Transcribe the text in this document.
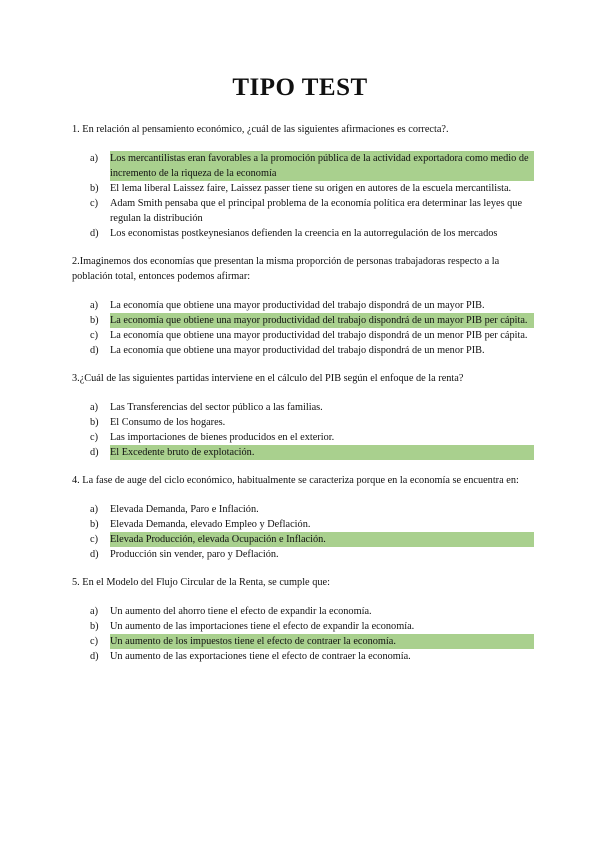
TIPO TEST

1. En relación al pensamiento económico, ¿cuál de las siguientes afirmaciones es correcta?.

a)	Los mercantilistas eran favorables a la promoción pública de la actividad exportadora como medio de incremento de la riqueza de la economía
b)	El lema liberal Laissez faire, Laissez passer tiene su origen en autores de la escuela mercantilista.
c)	Adam Smith pensaba que el principal problema de la economía política era determinar las leyes que regulan la distribución
d)	Los economistas postkeynesianos defienden la creencia en la autorregulación de los mercados

2.Imaginemos dos economías que presentan la misma proporción de personas trabajadoras respecto a la población total, entonces podemos afirmar:

a)	La economía que obtiene una mayor productividad del trabajo dispondrá de un mayor PIB.
b)	La economía que obtiene una mayor productividad del trabajo dispondrá de un mayor PIB per cápita.
c)	La economía que obtiene una mayor productividad del trabajo dispondrá de un menor PIB per cápita.
d)	La economía que obtiene una mayor productividad del trabajo dispondrá de un menor PIB.

3.¿Cuál de las siguientes partidas interviene en el cálculo del PIB según el enfoque de la renta?

a)	Las Transferencias del sector público a las familias.
b)	El Consumo de los hogares.
c)	Las importaciones de bienes producidos en el exterior.
d)	El Excedente bruto de explotación.

4. La fase de auge del ciclo económico, habitualmente se caracteriza porque en la economía se encuentra en:

a)	Elevada Demanda, Paro e Inflación.
b)	Elevada Demanda, elevado Empleo y Deflación.
c)	Elevada Producción, elevada Ocupación e Inflación.
d)	Producción sin vender, paro y Deflación.

5. En el Modelo del Flujo Circular de la Renta, se cumple que:

a)	Un aumento del ahorro tiene el efecto de expandir la economía.
b)	Un aumento de las importaciones tiene el efecto de expandir la economía.
c)	Un aumento de los impuestos tiene el efecto de contraer la economía.
d)	Un aumento de las exportaciones tiene el efecto de contraer la economía.
